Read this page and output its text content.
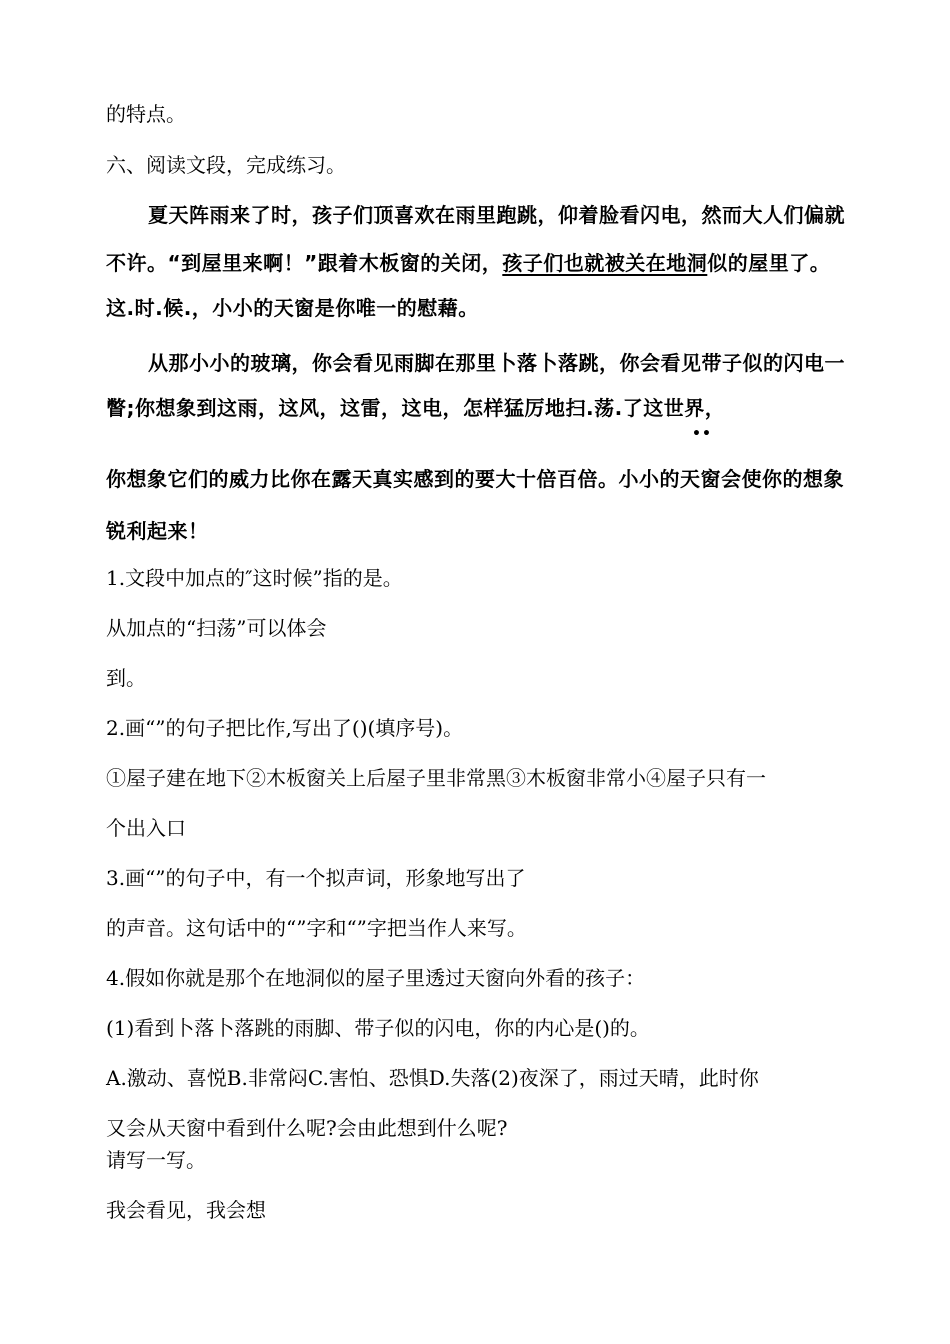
的特点。
六、阅读文段，完成练习。
夏天阵雨来了时，孩子们顶喜欢在雨里跑跳，仰着脸看闪电，然而大人们偏就
不许。“到屋里来啊！”跟着木板窗的关闭，孩子们也就被关在地洞似的屋里了。
这.时.候.，小小的天窗是你唯一的慰藉。
从那小小的玻璃，你会看见雨脚在那里卜落卜落跳，你会看见带子似的闪电一
瞥;你想象到这雨，这风，这雷，这电，怎样猛厉地扫.荡.了这世界，
••
你想象它们的威力比你在露天真实感到的要大十倍百倍。小小的天窗会使你的想象
锐利起来！
1.文段中加点的″这时候”指的是。
从加点的“扫荡”可以体会
到。
2.画“”的句子把比作,写出了()(填序号)。
①屋子建在地下②木板窗关上后屋子里非常黑③木板窗非常小④屋子只有一
个出入口
3.画“”的句子中，有一个拟声词，形象地写出了
的声音。这句话中的“”字和“”字把当作人来写。
4.假如你就是那个在地洞似的屋子里透过天窗向外看的孩子：
(1)看到卜落卜落跳的雨脚、带子似的闪电，你的内心是()的。
A.激动、喜悦B.非常闷C.害怕、恐惧D.失落(2)夜深了，雨过天晴，此时你
又会从天窗中看到什么呢?会由此想到什么呢?
请写一写。
我会看见，我会想
